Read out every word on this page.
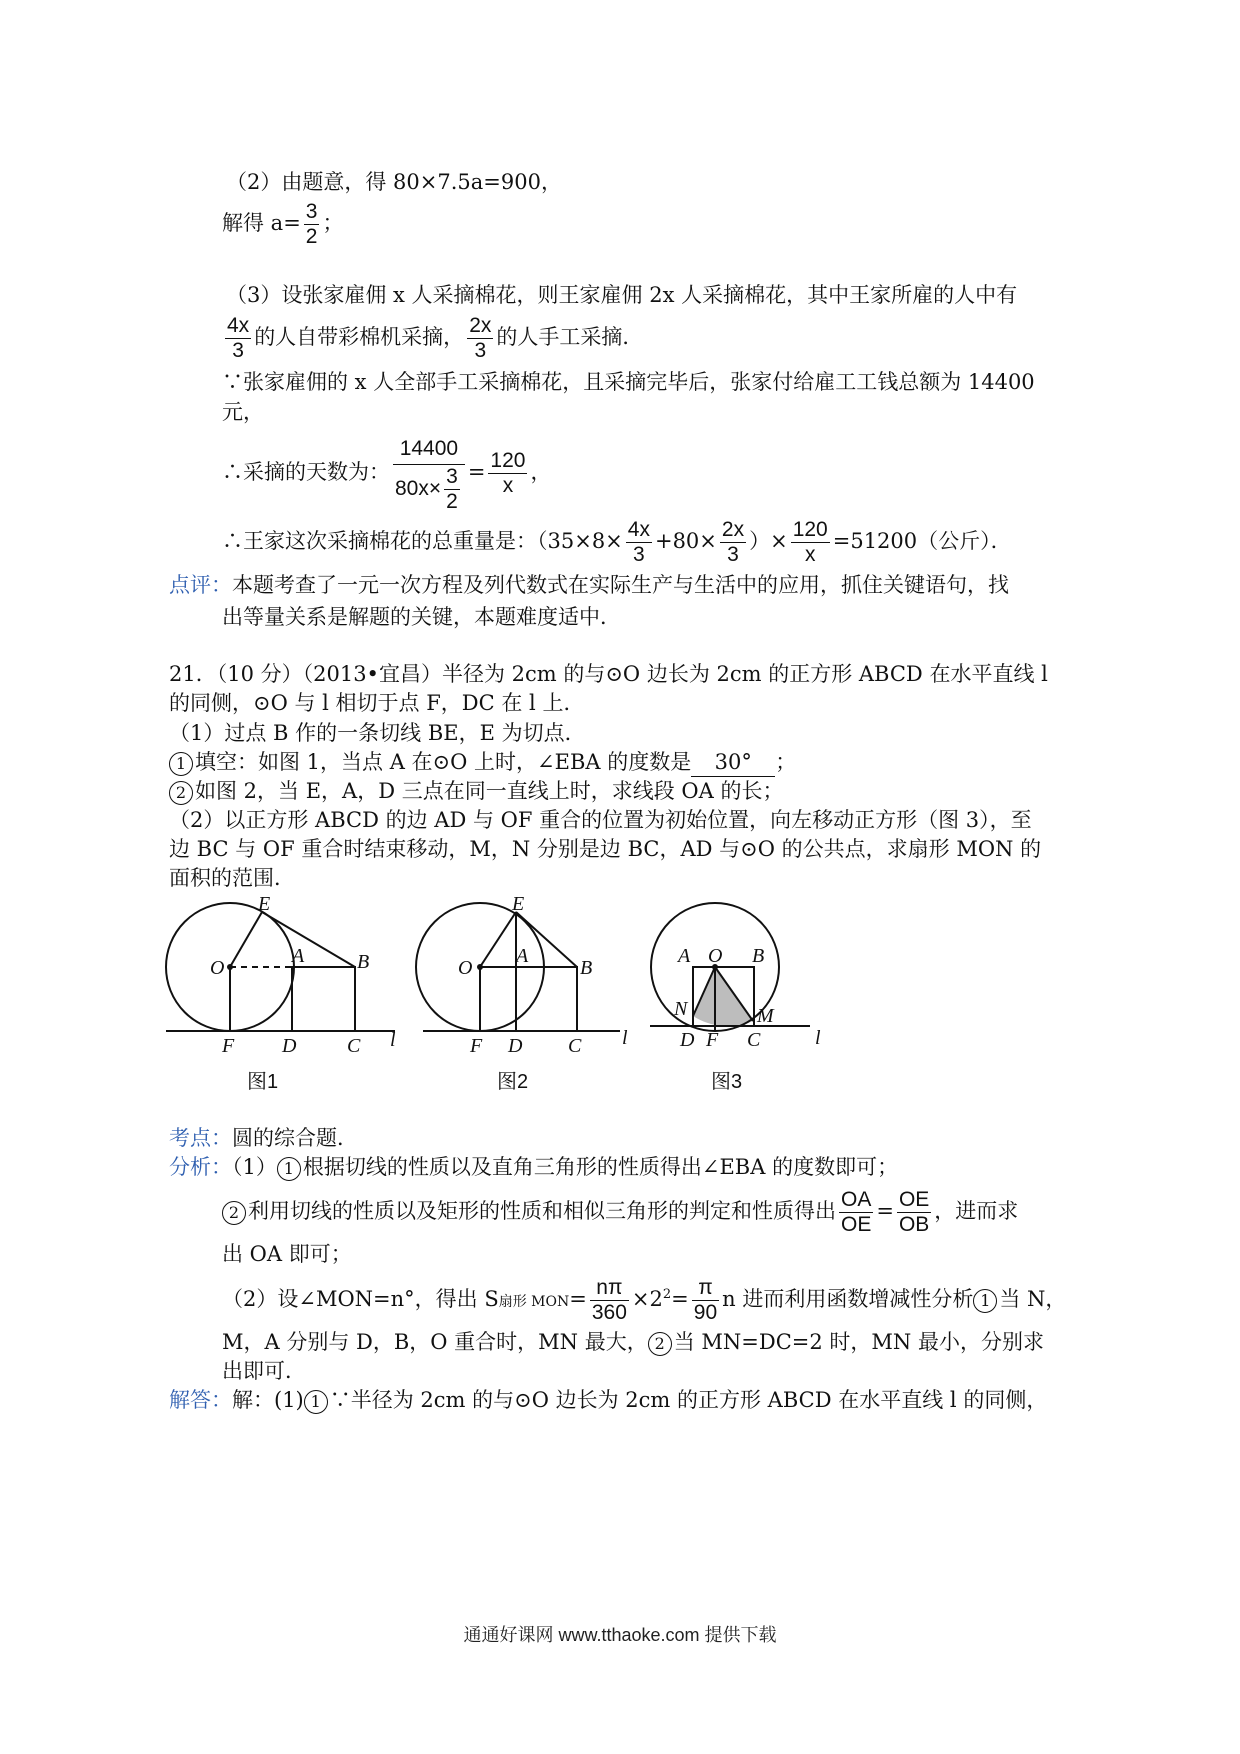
（2）由题意，得 80×7.5a=900，
解得 $a= \frac{3}{2}$ ；
（3）设张家雇佣 x 人采摘棉花，则王家雇佣 2x 人采摘棉花，其中王家所雇的人中有
$\frac{4x}{3}$ 的人自带彩棉机采摘， $\frac{2x}{3}$ 的人手工采摘．
∵张家雇佣的 x 人全部手工采摘棉花，且采摘完毕后，张家付给雇工工钱总额为 14400
元，
∴采摘的天数为： $\frac{14400}{80x\times \frac{3}{2}} = \frac{120}{x}$ ，
∴王家这次采摘棉花的总重量是：（$35\times 8\times \frac{4x}{3} +80\times \frac{2x}{3}$ ）× $\frac{120}{x} =51200$（公斤）．
点评：本题考查了一元一次方程及列代数式在实际生产与生活中的应用，抓住关键语句，找
出等量关系是解题的关键，本题难度适中．
21．（10 分）（2013•宜昌）半径为 2cm 的与⊙O 边长为 2cm 的正方形 ABCD 在水平直线 l
的同侧，⊙O 与 l 相切于点 F，DC 在 l 上．
（1）过点 B 作的一条切线 BE，E 为切点．
1 填空：如图 1，当点 A 在⊙O 上时，∠EBA 的度数是 30° ；
2 如图 2，当 E，A，D 三点在同一直线上时，求线段 OA 的长；
（2）以正方形 ABCD 的边 AD 与 OF 重合的位置为初始位置，向左移动正方形（图 3），至
边 BC 与 OF 重合时结束移动，M，N 分别是边 BC，AD 与⊙O 的公共点，求扇形 MON 的
面积的范围．
E
O
A	B
F D	C l
图1
E
O
A
B
F D C l
图2
A O B
N	M
D F C	l
图3
考点：圆的综合题．
分析：（1） 1 根据切线的性质以及直角三角形的性质得出∠EBA 的度数即可；
2 利用切线的性质以及矩形的性质和相似三角形的判定和性质得出 $\frac{OA}{OE} = \frac{OE}{OB}$ ，进而求
出 OA 即可；
（2）设∠MON=n°，得出 S扇形 $MON= \frac{n\pi}{360} \times 2^2= \frac{\pi}{90}$ n 进而利用函数增减性分析 1 当 N，
M，A 分别与 D，B，O 重合时，MN 最大， 2 当 MN=DC=2 时，MN 最小，分别求
出即可．
解答：解：(1) 1 ∵半径为 2cm 的与⊙O 边长为 2cm 的正方形 ABCD 在水平直线 l 的同侧，
通通好课网 www.tthaoke.com 提供下载
